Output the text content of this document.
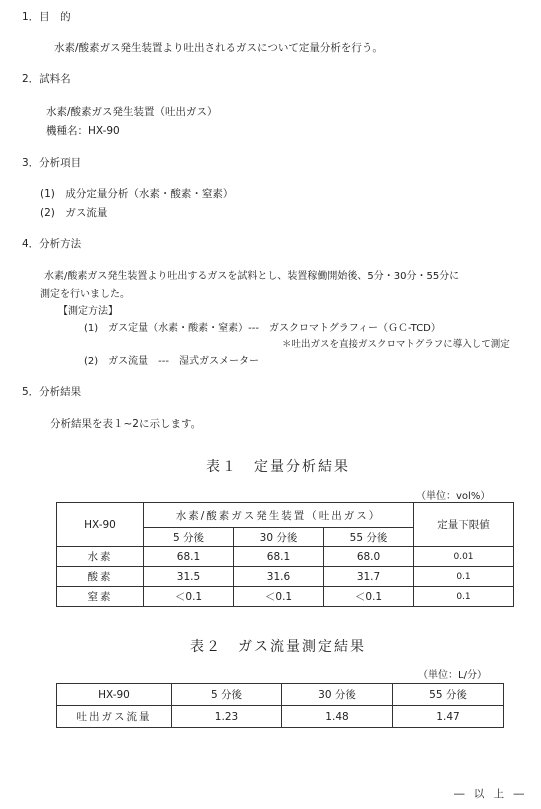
1．目　的
水素/酸素ガス発生装置より吐出されるガスについて定量分析を行う。
2．試料名
水素/酸素ガス発生装置（吐出ガス）
機種名：HX-90
3．分析項目
(1)　成分定量分析（水素・酸素・窒素）
(2)　ガス流量
4．分析方法
水素/酸素ガス発生装置より吐出するガスを試料とし、装置稼働開始後、5分・30分・55分に
測定を行いました。
【測定方法】
(1)　ガス定量（水素・酸素・窒素）---　ガスクロマトグラフィー（ＧＣ-TCD）
＊吐出ガスを直接ガスクロマトグラフに導入して測定
(2)　ガス流量　---　湿式ガスメーター
5．分析結果
分析結果を表１~2に示します。
表１　定量分析結果
（単位：vol%）
HX-90	水素/酸素ガス発生装置（吐出ガス）			定量下限値
	5 分後	30 分後	55 分後	
水素	68.1	68.1	68.0	0.01
酸素	31.5	31.6	31.7	0.1
窒素	＜0.1	＜0.1	＜0.1	0.1
表２　ガス流量測定結果
（単位：L/分）
HX-90	5 分後	30 分後	55 分後
吐出ガス流量	1.23	1.48	1.47
― 以 上 ―
